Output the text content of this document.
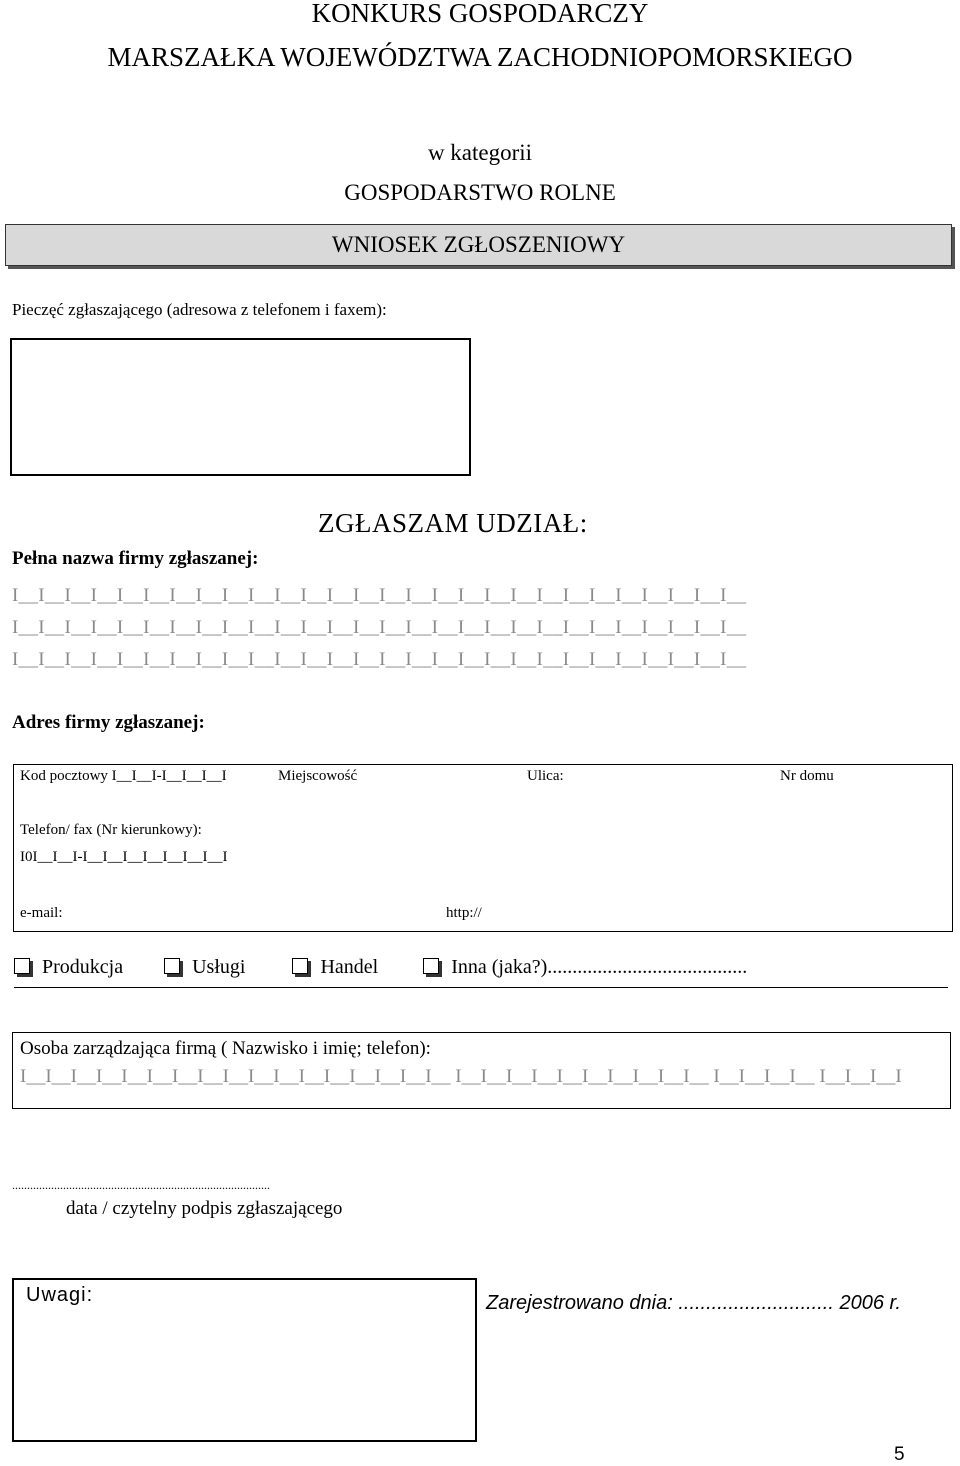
KONKURS GOSPODARCZY
MARSZAŁKA WOJEWÓDZTWA ZACHODNIOPOMORSKIEGO
w kategorii
GOSPODARSTWO ROLNE
WNIOSEK ZGŁOSZENIOWY
Pieczęć zgłaszającego (adresowa z telefonem i faxem):
ZGŁASZAM UDZIAŁ:
Pełna nazwa firmy zgłaszanej:
I__I__I__I__I__I__I__I__I__I__I__I__I__I__I__I__I__I__I__I__I__I__I__I__I__I__I__I__
I__I__I__I__I__I__I__I__I__I__I__I__I__I__I__I__I__I__I__I__I__I__I__I__I__I__I__I__
I__I__I__I__I__I__I__I__I__I__I__I__I__I__I__I__I__I__I__I__I__I__I__I__I__I__I__I__
Adres firmy zgłaszanej:
Kod pocztowy I__I__I-I__I__I__I	Miejscowość	Ulica:	Nr domu
Telefon/ fax (Nr kierunkowy):
I0I__I__I-I__I__I__I__I__I__I__I
e-mail:	http://
Produkcja	Usługi	Handel	Inna (jaka?)........................................
Osoba zarządzająca firmą ( Nazwisko i imię; telefon):
I__I__I__I__I__I__I__I__I__I__I__I__I__I__I__I__I__ I__I__I__I__I__I__I__I__I__I__ I__I__I__I__ I__I__I__I
......................................................................................
data / czytelny podpis zgłaszającego
Uwagi:	Zarejestrowano dnia: ............................ 2006 r.
5
